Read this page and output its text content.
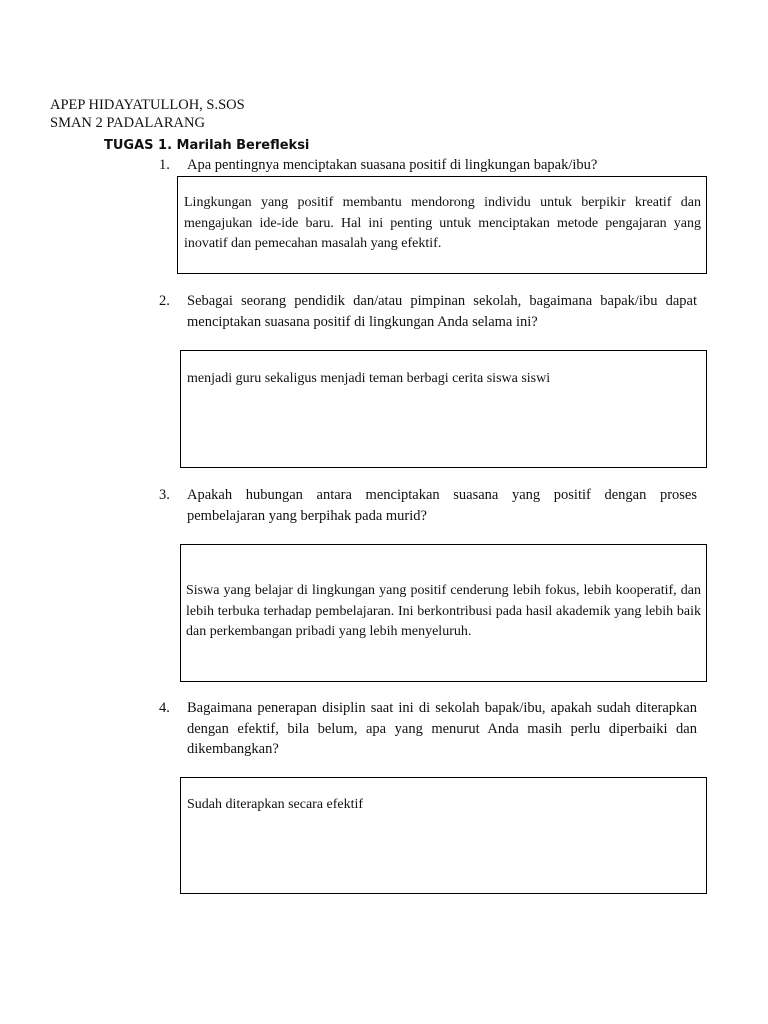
APEP HIDAYATULLOH, S.SOS
SMAN 2 PADALARANG
TUGAS 1. Marilah Berefleksi
1. Apa pentingnya menciptakan suasana positif di lingkungan bapak/ibu?
Lingkungan yang positif membantu mendorong individu untuk berpikir kreatif dan mengajukan ide-ide baru. Hal ini penting untuk menciptakan metode pengajaran yang inovatif dan pemecahan masalah yang efektif.
2. Sebagai seorang pendidik dan/atau pimpinan sekolah, bagaimana bapak/ibu dapat menciptakan suasana positif di lingkungan Anda selama ini?
menjadi guru sekaligus menjadi teman berbagi cerita siswa siswi
3. Apakah hubungan antara menciptakan suasana yang positif dengan proses pembelajaran yang berpihak pada murid?
Siswa yang belajar di lingkungan yang positif cenderung lebih fokus, lebih kooperatif, dan lebih terbuka terhadap pembelajaran. Ini berkontribusi pada hasil akademik yang lebih baik dan perkembangan pribadi yang lebih menyeluruh.
4. Bagaimana penerapan disiplin saat ini di sekolah bapak/ibu, apakah sudah diterapkan dengan efektif, bila belum, apa yang menurut Anda masih perlu diperbaiki dan dikembangkan?
Sudah diterapkan secara efektif
